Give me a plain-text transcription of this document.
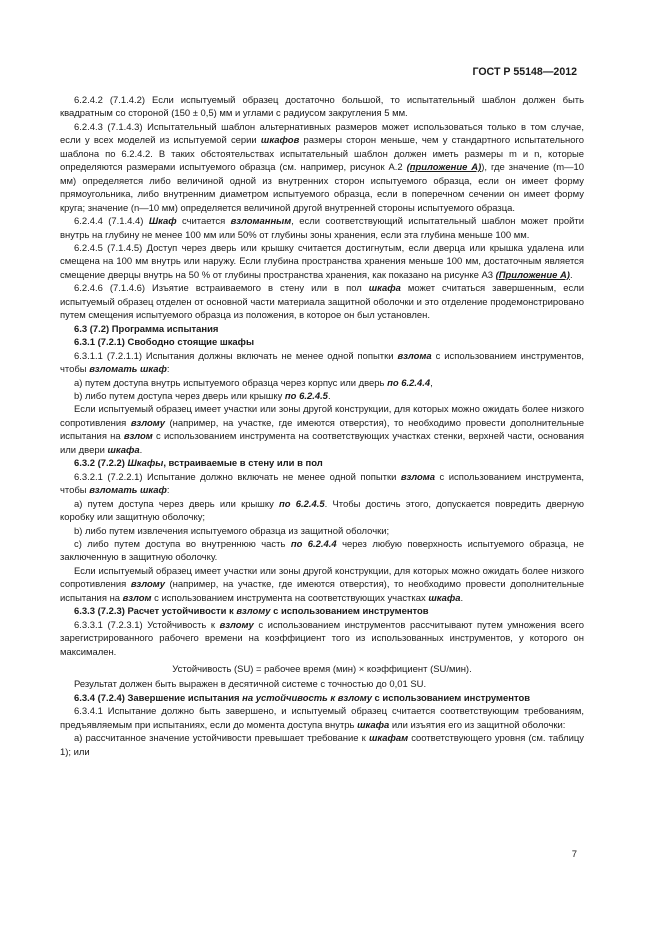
ГОСТ Р 55148—2012
6.2.4.2 (7.1.4.2) Если испытуемый образец достаточно большой, то испытательный шаблон должен быть квадратным со стороной (150 ± 0,5) мм и углами с радиусом закругления 5 мм.
6.2.4.3 (7.1.4.3) Испытательный шаблон альтернативных размеров может использоваться только в том случае, если у всех моделей из испытуемой серии шкафов размеры сторон меньше, чем у стандартного испытательного шаблона по 6.2.4.2. В таких обстоятельствах испытательный шаблон должен иметь размеры m и n, которые определяются размерами испытуемого образца (см. например, рисунок А.2 (приложение А)), где значение (m—10 мм) определяется либо величиной одной из внутренних сторон испытуемого образца, если он имеет форму прямоугольника, либо внутренним диаметром испытуемого образца, если в поперечном сечении он имеет форму круга; значение (n—10 мм) определяется величиной другой внутренней стороны испытуемого образца.
6.2.4.4 (7.1.4.4) Шкаф считается взломанным, если соответствующий испытательный шаблон может пройти внутрь на глубину не менее 100 мм или 50% от глубины зоны хранения, если эта глубина меньше 100 мм.
6.2.4.5 (7.1.4.5) Доступ через дверь или крышку считается достигнутым, если дверца или крышка удалена или смещена на 100 мм внутрь или наружу. Если глубина пространства хранения меньше 100 мм, достаточным является смещение дверцы внутрь на 50 % от глубины пространства хранения, как показано на рисунке А3 (Приложение А).
6.2.4.6 (7.1.4.6) Изъятие встраиваемого в стену или в пол шкафа может считаться завершенным, если испытуемый образец отделен от основной части материала защитной оболочки и это отделение продемонстрировано путем смещения испытуемого образца из положения, в которое он был установлен.
6.3 (7.2) Программа испытания
6.3.1 (7.2.1) Свободно стоящие шкафы
6.3.1.1 (7.2.1.1) Испытания должны включать не менее одной попытки взлома с использованием инструментов, чтобы взломать шкаф:
a) путем доступа внутрь испытуемого образца через корпус или дверь по 6.2.4.4,
b) либо путем доступа через дверь или крышку по 6.2.4.5.
Если испытуемый образец имеет участки или зоны другой конструкции, для которых можно ожидать более низкого сопротивления взлому (например, на участке, где имеются отверстия), то необходимо провести дополнительные испытания на взлом с использованием инструмента на соответствующих участках стенки, верхней части, основания или двери шкафа.
6.3.2 (7.2.2) Шкафы, встраиваемые в стену или в пол
6.3.2.1 (7.2.2.1) Испытание должно включать не менее одной попытки взлома с использованием инструмента, чтобы взломать шкаф:
a) путем доступа через дверь или крышку по 6.2.4.5. Чтобы достичь этого, допускается повредить дверную коробку или защитную оболочку;
b) либо путем извлечения испытуемого образца из защитной оболочки;
c) либо путем доступа во внутреннюю часть по 6.2.4.4 через любую поверхность испытуемого образца, не заключенную в защитную оболочку.
Если испытуемый образец имеет участки или зоны другой конструкции, для которых можно ожидать более низкого сопротивления взлому (например, на участке, где имеются отверстия), то необходимо провести дополнительные испытания на взлом с использованием инструмента на соответствующих участках шкафа.
6.3.3 (7.2.3) Расчет устойчивости к взлому с использованием инструментов
6.3.3.1 (7.2.3.1) Устойчивость к взлому с использованием инструментов рассчитывают путем умножения всего зарегистрированного рабочего времени на коэффициент того из использованных инструментов, у которого он максимален.
Устойчивость (SU) = рабочее время (мин) × коэффициент (SU/мин).
Результат должен быть выражен в десятичной системе с точностью до 0,01 SU.
6.3.4 (7.2.4) Завершение испытания на устойчивость к взлому с использованием инструментов
6.3.4.1 Испытание должно быть завершено, и испытуемый образец считается соответствующим требованиям, предъявляемым при испытаниях, если до момента доступа внутрь шкафа или изъятия его из защитной оболочки:
a) рассчитанное значение устойчивости превышает требование к шкафам соответствующего уровня (см. таблицу 1); или
7
